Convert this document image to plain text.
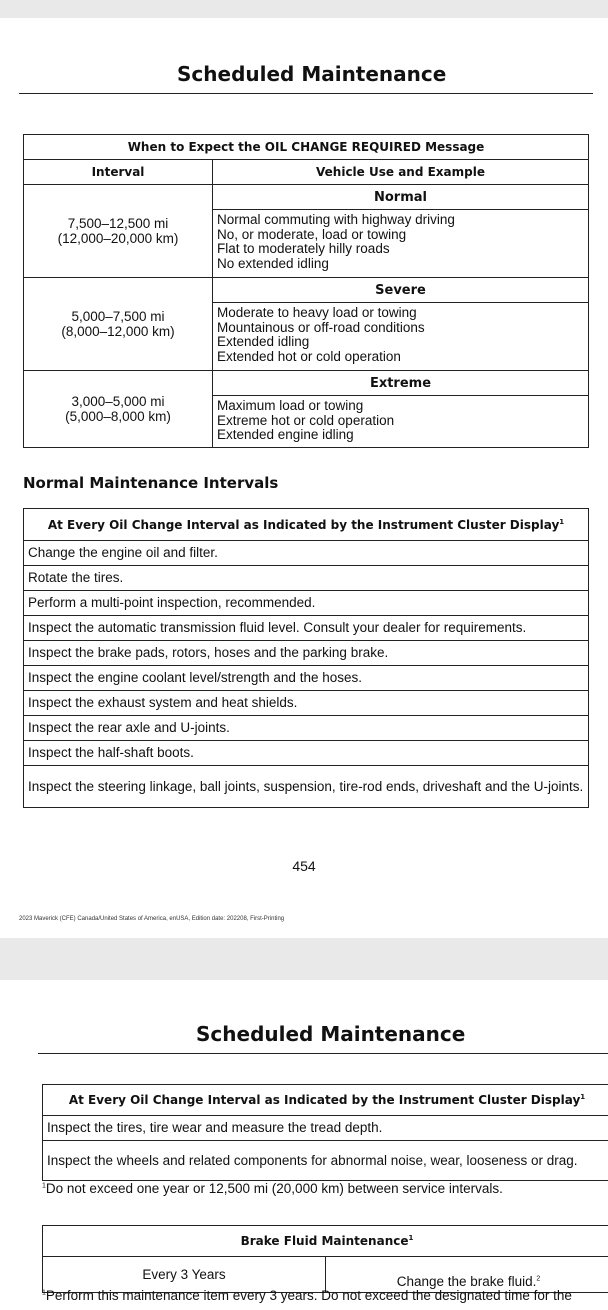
Scheduled Maintenance
When to Expect the OIL CHANGE REQUIRED Message	
Interval	Vehicle Use and Example

7,500–12,500 mi
(12,000–20,000 km)	Normal

	Normal commuting with highway driving
No, or moderate, load or towing
Flat to moderately hilly roads
No extended idling

5,000–7,500 mi
(8,000–12,000 km)	Severe

	Moderate to heavy load or towing
Mountainous or off-road conditions
Extended idling
Extended hot or cold operation

3,000–5,000 mi
(5,000–8,000 km)	Extreme

	Maximum load or towing
Extreme hot or cold operation
Extended engine idling
Normal Maintenance Intervals
At Every Oil Change Interval as Indicated by the Instrument Cluster Display$^1$
Change the engine oil and filter.
Rotate the tires.
Perform a multi-point inspection, recommended.
Inspect the automatic transmission fluid level. Consult your dealer for requirements.
Inspect the brake pads, rotors, hoses and the parking brake.
Inspect the engine coolant level/strength and the hoses.
Inspect the exhaust system and heat shields.
Inspect the rear axle and U-joints.
Inspect the half-shaft boots.
Inspect the steering linkage, ball joints, suspension, tire-rod ends, driveshaft and the U-joints.
454
2023 Maverick (CFE) Canada/United States of America, enUSA, Edition date: 202208, First-Printing
Scheduled Maintenance
At Every Oil Change Interval as Indicated by the Instrument Cluster Display$^1$
Inspect the tires, tire wear and measure the tread depth.
Inspect the wheels and related components for abnormal noise, wear, looseness or drag.
$^1$Do not exceed one year or 12,500 mi (20,000 km) between service intervals.
Brake Fluid Maintenance$^1$
Every 3 Years	Change the brake fluid.$^2$
$^1$Perform this maintenance item every 3 years. Do not exceed the designated time for the
